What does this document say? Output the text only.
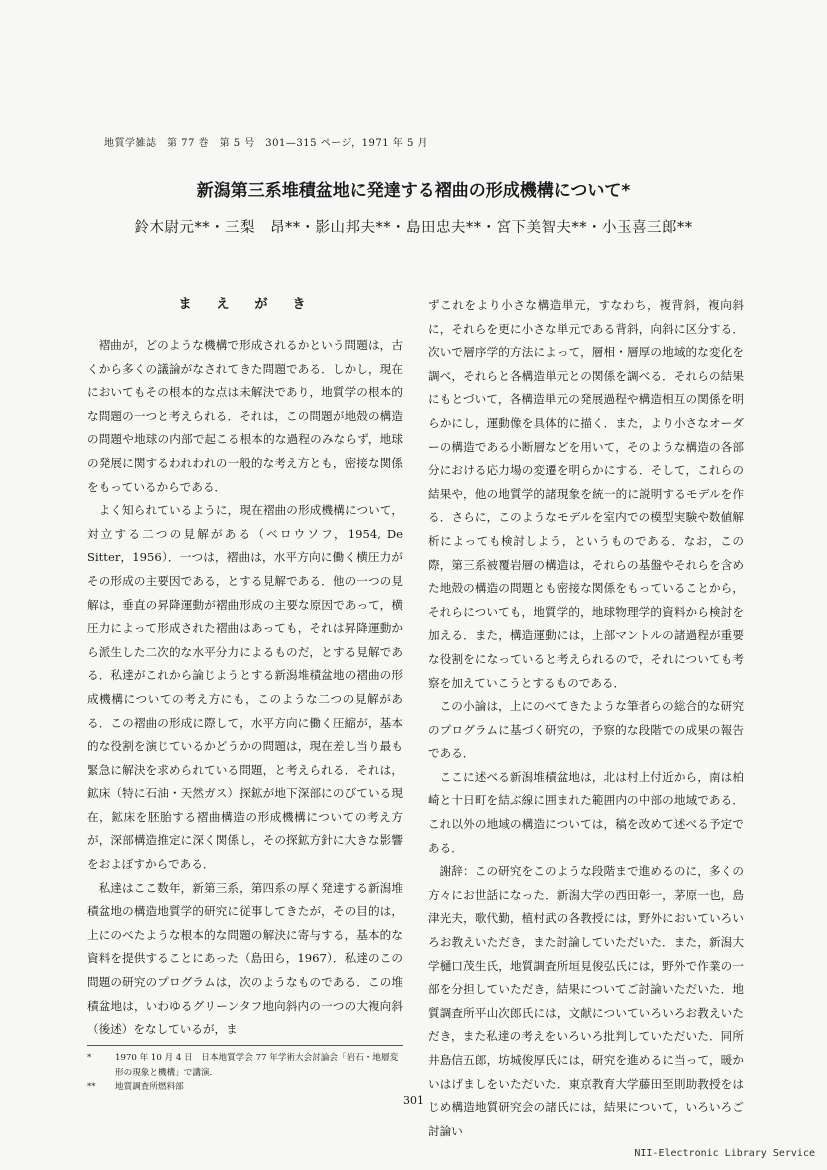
地質学雑誌　第 77 巻　第 5 号　301—315 ページ，1971 年 5 月
新潟第三系堆積盆地に発達する褶曲の形成機構について*
鈴木尉元**・三梨　昂**・影山邦夫**・島田忠夫**・宮下美智夫**・小玉喜三郎**
ま　え　が　き

褶曲が，どのような機構で形成されるかという問題は，古くから多くの議論がなされてきた問題である．しかし，現在においてもその根本的な点は未解決であり，地質学の根本的な問題の一つと考えられる．それは，この問題が地殻の構造の問題や地球の内部で起こる根本的な過程のみならず，地球の発展に関するわれわれの一般的な考え方とも，密接な関係をもっているからである．

よく知られているように，現在褶曲の形成機構について，対立する二つの見解がある（ベロウソフ，1954, De Sitter，1956）．一つは，褶曲は，水平方向に働く横圧力がその形成の主要因である，とする見解である．他の一つの見解は，垂直の昇降運動が褶曲形成の主要な原因であって，横圧力によって形成された褶曲はあっても，それは昇降運動から派生した二次的な水平分力によるものだ，とする見解である．私達がこれから論じようとする新潟堆積盆地の褶曲の形成機構についての考え方にも，このような二つの見解がある．この褶曲の形成に際して，水平方向に働く圧縮が，基本的な役割を演じているかどうかの問題は，現在差し当り最も緊急に解決を求められている問題，と考えられる．それは，鉱床（特に石油・天然ガス）探鉱が地下深部にのびている現在，鉱床を胚胎する褶曲構造の形成機構についての考え方が，深部構造推定に深く関係し，その探鉱方針に大きな影響をおよぼすからである．

私達はここ数年，新第三系，第四系の厚く発達する新潟堆積盆地の構造地質学的研究に従事してきたが，その目的は，上にのべたような根本的な問題の解決に寄与する，基本的な資料を提供することにあった（島田ら，1967）．私達のこの問題の研究のプログラムは，次のようなものである．この堆積盆地は，いわゆるグリーンタフ地向斜内の一つの大複向斜（後述）をなしているが，ま

ずこれをより小さな構造単元，すなわち，複背斜，複向斜に，それらを更に小さな単元である背斜，向斜に区分する．次いで層序学的方法によって，層相・層厚の地域的な変化を調べ，それらと各構造単元との関係を調べる．それらの結果にもとづいて，各構造単元の発展過程や構造相互の関係を明らかにし，運動像を具体的に描く．また，より小さなオーダーの構造である小断層などを用いて，そのような構造の各部分における応力場の変遷を明らかにする．そして，これらの結果や，他の地質学的諸現象を統一的に説明するモデルを作る．さらに，このようなモデルを室内での模型実験や数値解析によっても検討しよう，というものである．なお，この際，第三系被覆岩層の構造は，それらの基盤やそれらを含めた地殻の構造の問題とも密接な関係をもっていることから，それらについても，地質学的，地球物理学的資料から検討を加える．また，構造運動には，上部マントルの諸過程が重要な役割をになっていると考えられるので，それについても考察を加えていこうとするものである．

この小論は，上にのべてきたような筆者らの総合的な研究のプログラムに基づく研究の，予察的な段階での成果の報告である．

ここに述べる新潟堆積盆地は，北は村上付近から，南は柏崎と十日町を結ぶ線に囲まれた範囲内の中部の地域である．これ以外の地域の構造については，稿を改めて述べる予定である．

謝辞：この研究をこのような段階まで進めるのに，多くの方々にお世話になった．新潟大学の西田彰一，茅原一也，島津光夫，歌代勤，植村武の各教授には，野外においていろいろお教えいただき，また討論していただいた．また，新潟大学樋口茂生氏，地質調査所垣見俊弘氏には，野外で作業の一部を分担していただき，結果についてご討論いただいた．地質調査所平山次郎氏には，文献についていろいろお教えいただき，また私達の考えをいろいろ批判していただいた．同所井島信五郎，坊城俊厚氏には，研究を進めるに当って，暖かいはげましをいただいた．東京教育大学藤田至則助教授をはじめ構造地質研究会の諸氏には，結果について，いろいろご討論い

*	1970 年 10 月 4 日　日本地質学会 77 年学術大会討論会「岩石・地層変形の現象と機構」で講演．
**	地質調査所燃料部
301
NII-Electronic Library Service
